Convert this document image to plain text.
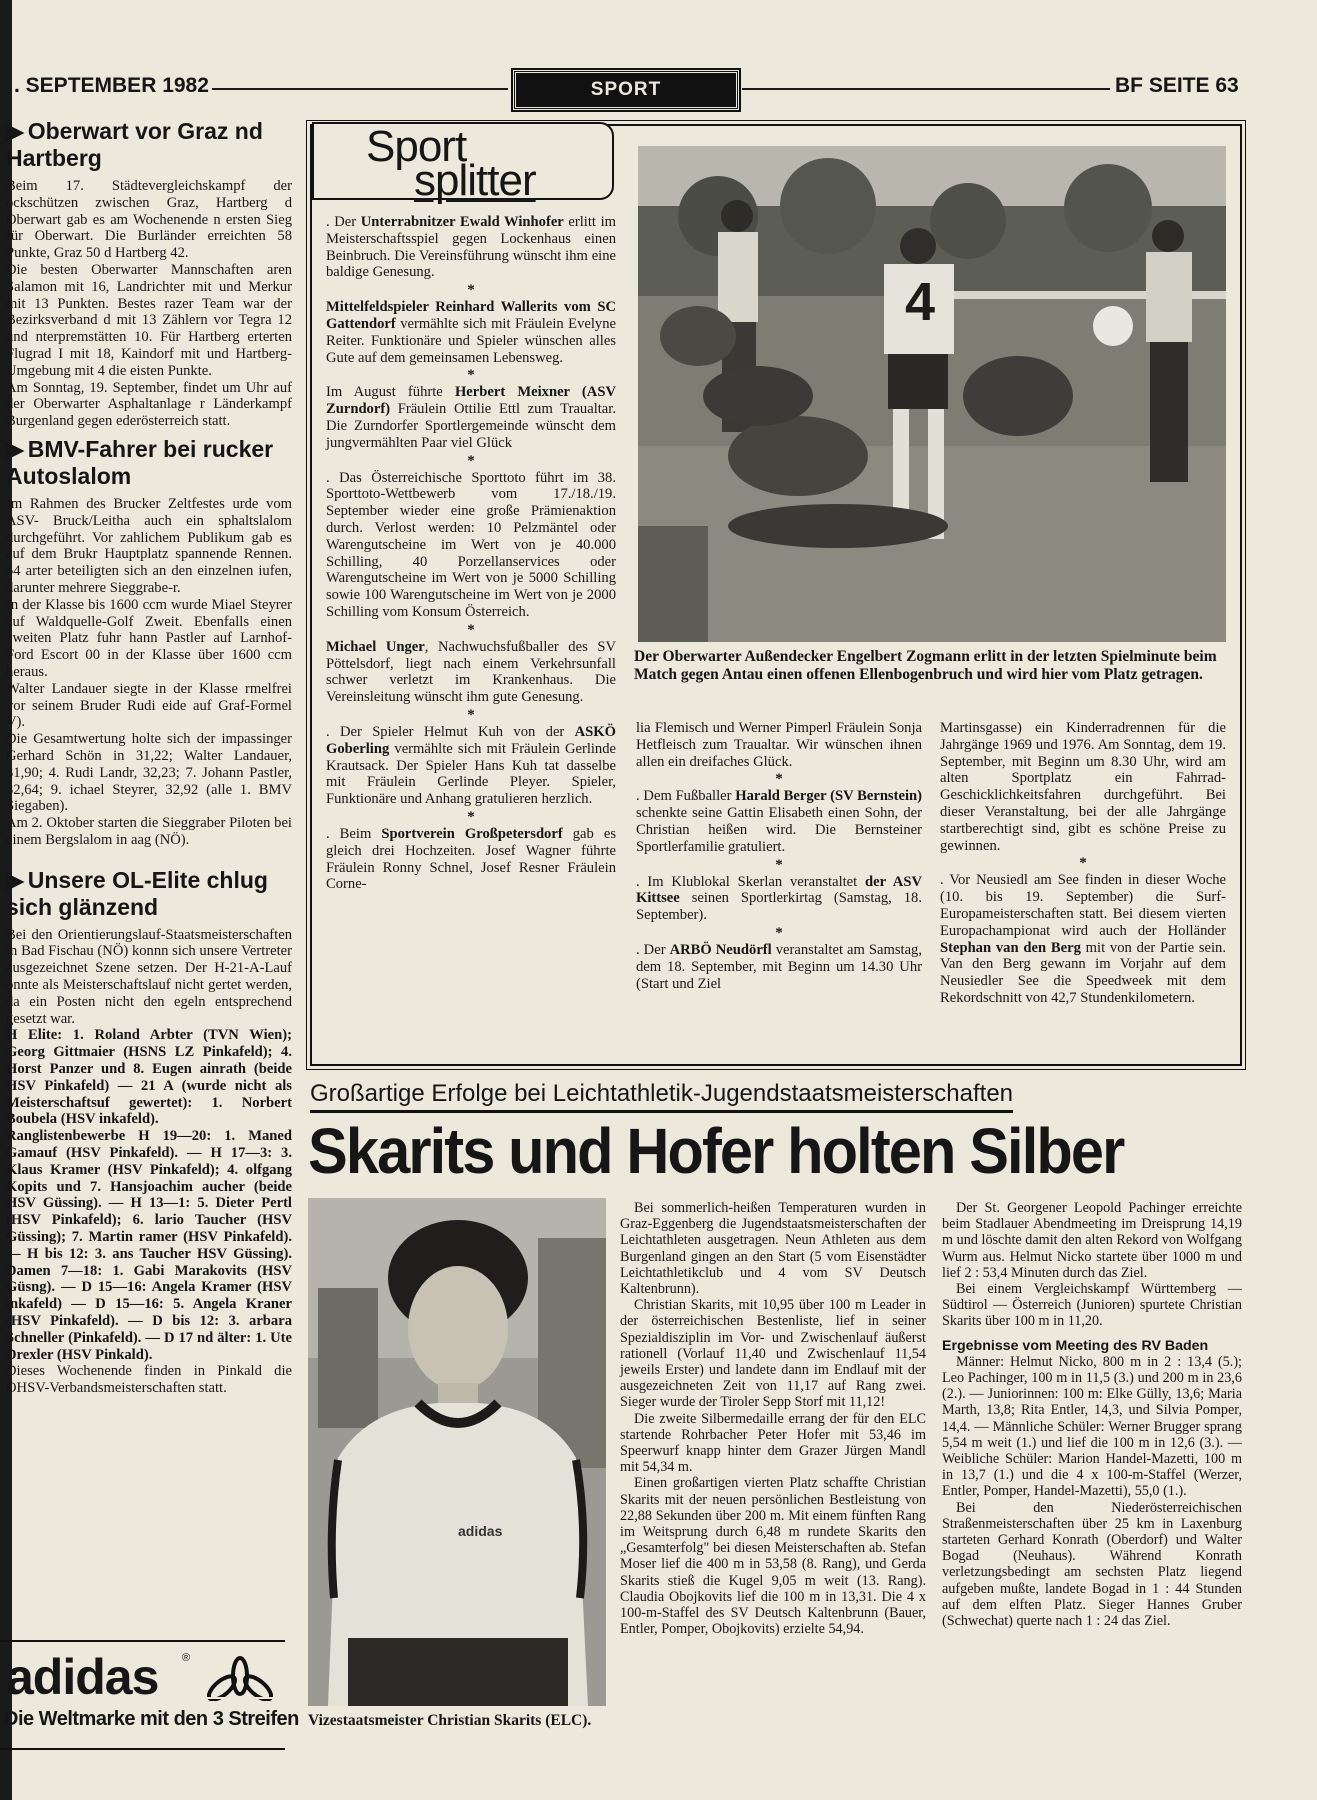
. SEPTEMBER 1982	SPORT	BF SEITE 63
▶ Oberwart vor Graz nd Hartberg

Beim 17. Städtevergleichskampf der ockschützen zwischen Graz, Hartberg d Oberwart gab es am Wochenende n ersten Sieg für Oberwart. Die Burländer erreichten 58 Punkte, Graz 50 d Hartberg 42.

Die besten Oberwarter Mannschaften aren Salamon mit 16, Landrichter mit und Merkur mit 13 Punkten. Bestes razer Team war der Bezirksverband d mit 13 Zählern vor Tegra 12 und nterpremstätten 10. Für Hartberg erterten Flugrad I mit 18, Kaindorf mit und Hartberg-Umgebung mit 4 die eisten Punkte.

Am Sonntag, 19. September, findet um Uhr auf der Oberwarter Asphaltanlage r Länderkampf Burgenland gegen ederösterreich statt.

▶ BMV-Fahrer bei rucker Autoslalom

Im Rahmen des Brucker Zeltfestes urde vom ASV- Bruck/Leitha auch ein sphaltslalom durchgeführt. Vor zahlichem Publikum gab es auf dem Brukr Hauptplatz spannende Rennen. 54 arter beteiligten sich an den einzelnen iufen, darunter mehrere Sieggrabe-r.

In der Klasse bis 1600 ccm wurde Miael Steyrer auf Waldquelle-Golf Zweit. Ebenfalls einen zweiten Platz fuhr hann Pastler auf Larnhof-Ford Escort 00 in der Klasse über 1600 ccm heraus.

Walter Landauer siegte in der Klasse rmelfrei vor seinem Bruder Rudi eide auf Graf-Formel V).

Die Gesamtwertung holte sich der impassinger Gerhard Schön in 31,22; Walter Landauer, 31,90; 4. Rudi Landr, 32,23; 7. Johann Pastler, 32,64; 9. ichael Steyrer, 32,92 (alle 1. BMV Siegaben).

Am 2. Oktober starten die Sieggraber Piloten bei einem Bergslalom in aag (NÖ).

▶ Unsere OL-Elite chlug sich glänzend

Bei den Orientierungslauf-Staatsmeisterschaften in Bad Fischau (NÖ) konnn sich unsere Vertreter ausgezeichnet Szene setzen. Der H-21-A-Lauf onnte als Meisterschaftslauf nicht gertet werden, da ein Posten nicht den egeln entsprechend gesetzt war.

H Elite: 1. Roland Arbter (TVN Wien); Georg Gittmaier (HSNS LZ Pinkafeld); 4. Horst Panzer und 8. Eugen ainrath (beide HSV Pinkafeld) — 21 A (wurde nicht als Meisterschaftsuf gewertet): 1. Norbert Boubela (HSV inkafeld).

Ranglistenbewerbe H 19—20: 1. Maned Gamauf (HSV Pinkafeld). — H 17—3: 3. Klaus Kramer (HSV Pinkafeld); 4. olfgang Kopits und 7. Hansjoachim aucher (beide HSV Güssing). — H 13—1: 5. Dieter Pertl (HSV Pinkafeld); 6. lario Taucher (HSV Güssing); 7. Martin ramer (HSV Pinkafeld). — H bis 12: 3. ans Taucher HSV Güssing). Damen 7—18: 1. Gabi Marakovits (HSV Güsng). — D 15—16: Angela Kramer (HSV inkafeld) — D 15—16: 5. Angela Kraner (HSV Pinkafeld). — D bis 12: 3. arbara Schneller (Pinkafeld). — D 17 nd älter: 1. Ute Drexler (HSV Pinkald).

Dieses Wochenende finden in Pinkald die OHSV-Verbandsmeisterschaften statt.

adidas ®
Die Weltmarke mit den 3 Streifen
Sport
splitter

. Der Unterrabnitzer Ewald Winhofer erlitt im Meisterschaftsspiel gegen Lockenhaus einen Beinbruch. Die Vereinsführung wünscht ihm eine baldige Genesung.

*

Mittelfeldspieler Reinhard Wallerits vom SC Gattendorf vermählte sich mit Fräulein Evelyne Reiter. Funktionäre und Spieler wünschen alles Gute auf dem gemeinsamen Lebensweg.

*

Im August führte Herbert Meixner (ASV Zurndorf) Fräulein Ottilie Ettl zum Traualtar. Die Zurndorfer Sportlergemeinde wünscht dem jungvermählten Paar viel Glück

*

. Das Österreichische Sporttoto führt im 38. Sporttoto-Wettbewerb vom 17./18./19. September wieder eine große Prämienaktion durch. Verlost werden: 10 Pelzmäntel oder Warengutscheine im Wert von je 40.000 Schilling, 40 Porzellanservices oder Warengutscheine im Wert von je 5000 Schilling sowie 100 Warengutscheine im Wert von je 2000 Schilling vom Konsum Österreich.

*

Michael Unger, Nachwuchsfußballer des SV Pöttelsdorf, liegt nach einem Verkehrsunfall schwer verletzt im Krankenhaus. Die Vereinsleitung wünscht ihm gute Genesung.

*

. Der Spieler Helmut Kuh von der ASKÖ Goberling vermählte sich mit Fräulein Gerlinde Krautsack. Der Spieler Hans Kuh tat dasselbe mit Fräulein Gerlinde Pleyer. Spieler, Funktionäre und Anhang gratulieren herzlich.

*

. Beim Sportverein Großpetersdorf gab es gleich drei Hochzeiten. Josef Wagner führte Fräulein Ronny Schnel, Josef Resner Fräulein Corne-

4
Der Oberwarter Außendecker Engelbert Zogmann erlitt in der letzten Spielminute beim Match gegen Antau einen offenen Ellenbogenbruch und wird hier vom Platz getragen.

lia Flemisch und Werner Pimperl Fräulein Sonja Hetfleisch zum Traualtar. Wir wünschen ihnen allen ein dreifaches Glück.

*

. Dem Fußballer Harald Berger (SV Bernstein) schenkte seine Gattin Elisabeth einen Sohn, der Christian heißen wird. Die Bernsteiner Sportlerfamilie gratuliert.

*

. Im Klublokal Skerlan veranstaltet der ASV Kittsee seinen Sportlerkirtag (Samstag, 18. September).

*

. Der ARBÖ Neudörfl veranstaltet am Samstag, dem 18. September, mit Beginn um 14.30 Uhr (Start und Ziel

Martinsgasse) ein Kinderradrennen für die Jahrgänge 1969 und 1976. Am Sonntag, dem 19. September, mit Beginn um 8.30 Uhr, wird am alten Sportplatz ein Fahrrad-Geschicklichkeitsfahren durchgeführt. Bei dieser Veranstaltung, bei der alle Jahrgänge startberechtigt sind, gibt es schöne Preise zu gewinnen.

*

. Vor Neusiedl am See finden in dieser Woche (10. bis 19. September) die Surf-Europameisterschaften statt. Bei diesem vierten Europachampionat wird auch der Holländer Stephan van den Berg mit von der Partie sein. Van den Berg gewann im Vorjahr auf dem Neusiedler See die Speedweek mit dem Rekordschnitt von 42,7 Stundenkilometern.

Großartige Erfolge bei Leichtathletik-Jugendstaatsmeisterschaften
Skarits und Hofer holten Silber
adidas
Vizestaatsmeister Christian Skarits (ELC).

Bei sommerlich-heißen Temperaturen wurden in Graz-Eggenberg die Jugendstaatsmeisterschaften der Leichtathleten ausgetragen. Neun Athleten aus dem Burgenland gingen an den Start (5 vom Eisenstädter Leichtathletikclub und 4 vom SV Deutsch Kaltenbrunn).

Christian Skarits, mit 10,95 über 100 m Leader in der österreichischen Bestenliste, lief in seiner Spezialdisziplin im Vor- und Zwischenlauf äußerst rationell (Vorlauf 11,40 und Zwischenlauf 11,54 jeweils Erster) und landete dann im Endlauf mit der ausgezeichneten Zeit von 11,17 auf Rang zwei. Sieger wurde der Tiroler Sepp Storf mit 11,12!

Die zweite Silbermedaille errang der für den ELC startende Rohrbacher Peter Hofer mit 53,46 im Speerwurf knapp hinter dem Grazer Jürgen Mandl mit 54,34 m.

Einen großartigen vierten Platz schaffte Christian Skarits mit der neuen persönlichen Bestleistung von 22,88 Sekunden über 200 m. Mit einem fünften Rang im Weitsprung durch 6,48 m rundete Skarits den „Gesamterfolg" bei diesen Meisterschaften ab. Stefan Moser lief die 400 m in 53,58 (8. Rang), und Gerda Skarits stieß die Kugel 9,05 m weit (13. Rang). Claudia Obojkovits lief die 100 m in 13,31. Die 4 x 100-m-Staffel des SV Deutsch Kaltenbrunn (Bauer, Entler, Pomper, Obojkovits) erzielte 54,94.

Der St. Georgener Leopold Pachinger erreichte beim Stadlauer Abendmeeting im Dreisprung 14,19 m und löschte damit den alten Rekord von Wolfgang Wurm aus. Helmut Nicko startete über 1000 m und lief 2 : 53,4 Minuten durch das Ziel.

Bei einem Vergleichskampf Württemberg — Südtirol — Österreich (Junioren) spurtete Christian Skarits über 100 m in 11,20.

Ergebnisse vom Meeting des RV Baden

Männer: Helmut Nicko, 800 m in 2 : 13,4 (5.); Leo Pachinger, 100 m in 11,5 (3.) und 200 m in 23,6 (2.). — Juniorinnen: 100 m: Elke Gülly, 13,6; Maria Marth, 13,8; Rita Entler, 14,3, und Silvia Pomper, 14,4. — Männliche Schüler: Werner Brugger sprang 5,54 m weit (1.) und lief die 100 m in 12,6 (3.). — Weibliche Schüler: Marion Handel-Mazetti, 100 m in 13,7 (1.) und die 4 x 100-m-Staffel (Werzer, Entler, Pomper, Handel-Mazetti), 55,0 (1.).

Bei den Niederösterreichischen Straßenmeisterschaften über 25 km in Laxenburg starteten Gerhard Konrath (Oberdorf) und Walter Bogad (Neuhaus). Während Konrath verletzungsbedingt am sechsten Platz liegend aufgeben mußte, landete Bogad in 1 : 44 Stunden auf dem elften Platz. Sieger Hannes Gruber (Schwechat) querte nach 1 : 24 das Ziel.
